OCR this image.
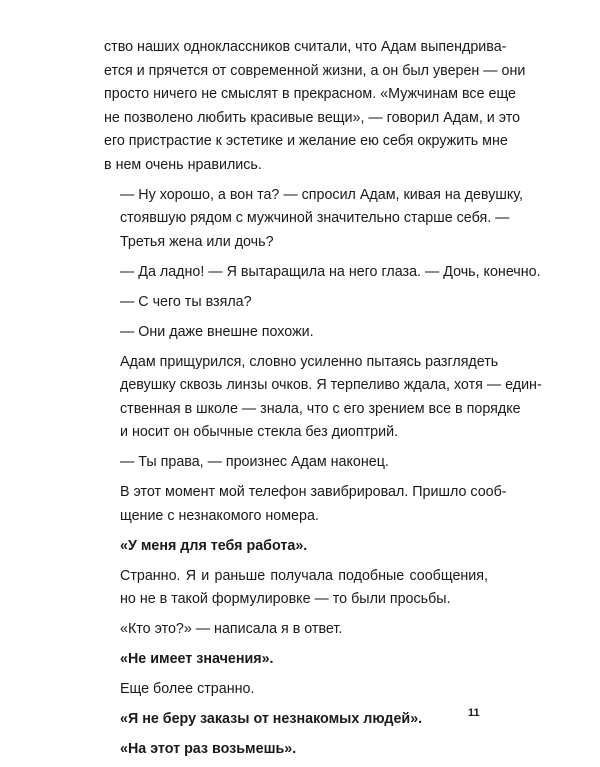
ство наших одноклассников считали, что Адам выпендрива-
ется и прячется от современной жизни, а он был уверен — они
просто ничего не смыслят в прекрасном. «Мужчинам все еще
не позволено любить красивые вещи», — говорил Адам, и это
его пристрастие к эстетике и желание ею себя окружить мне
в нем очень нравились.

— Ну хорошо, а вон та? — спросил Адам, кивая на девушку,
стоявшую рядом с мужчиной значительно старше себя. —
Третья жена или дочь?

— Да ладно! — Я вытаращила на него глаза. — Дочь, конечно.

— С чего ты взяла?

— Они даже внешне похожи.

Адам прищурился, словно усиленно пытаясь разглядеть
девушку сквозь линзы очков. Я терпеливо ждала, хотя — един-
ственная в школе — знала, что с его зрением все в порядке
и носит он обычные стекла без диоптрий.

— Ты права, — произнес Адам наконец.

В этот момент мой телефон завибрировал. Пришло сооб-
щение с незнакомого номера.

«У меня для тебя работа».

Странно. Я и раньше получала подобные сообщения,
но не в такой формулировке — то были просьбы.

«Кто это?» — написала я в ответ.

«Не имеет значения».

Еще более странно.

«Я не беру заказы от незнакомых людей».

«На этот раз возьмешь».

11
